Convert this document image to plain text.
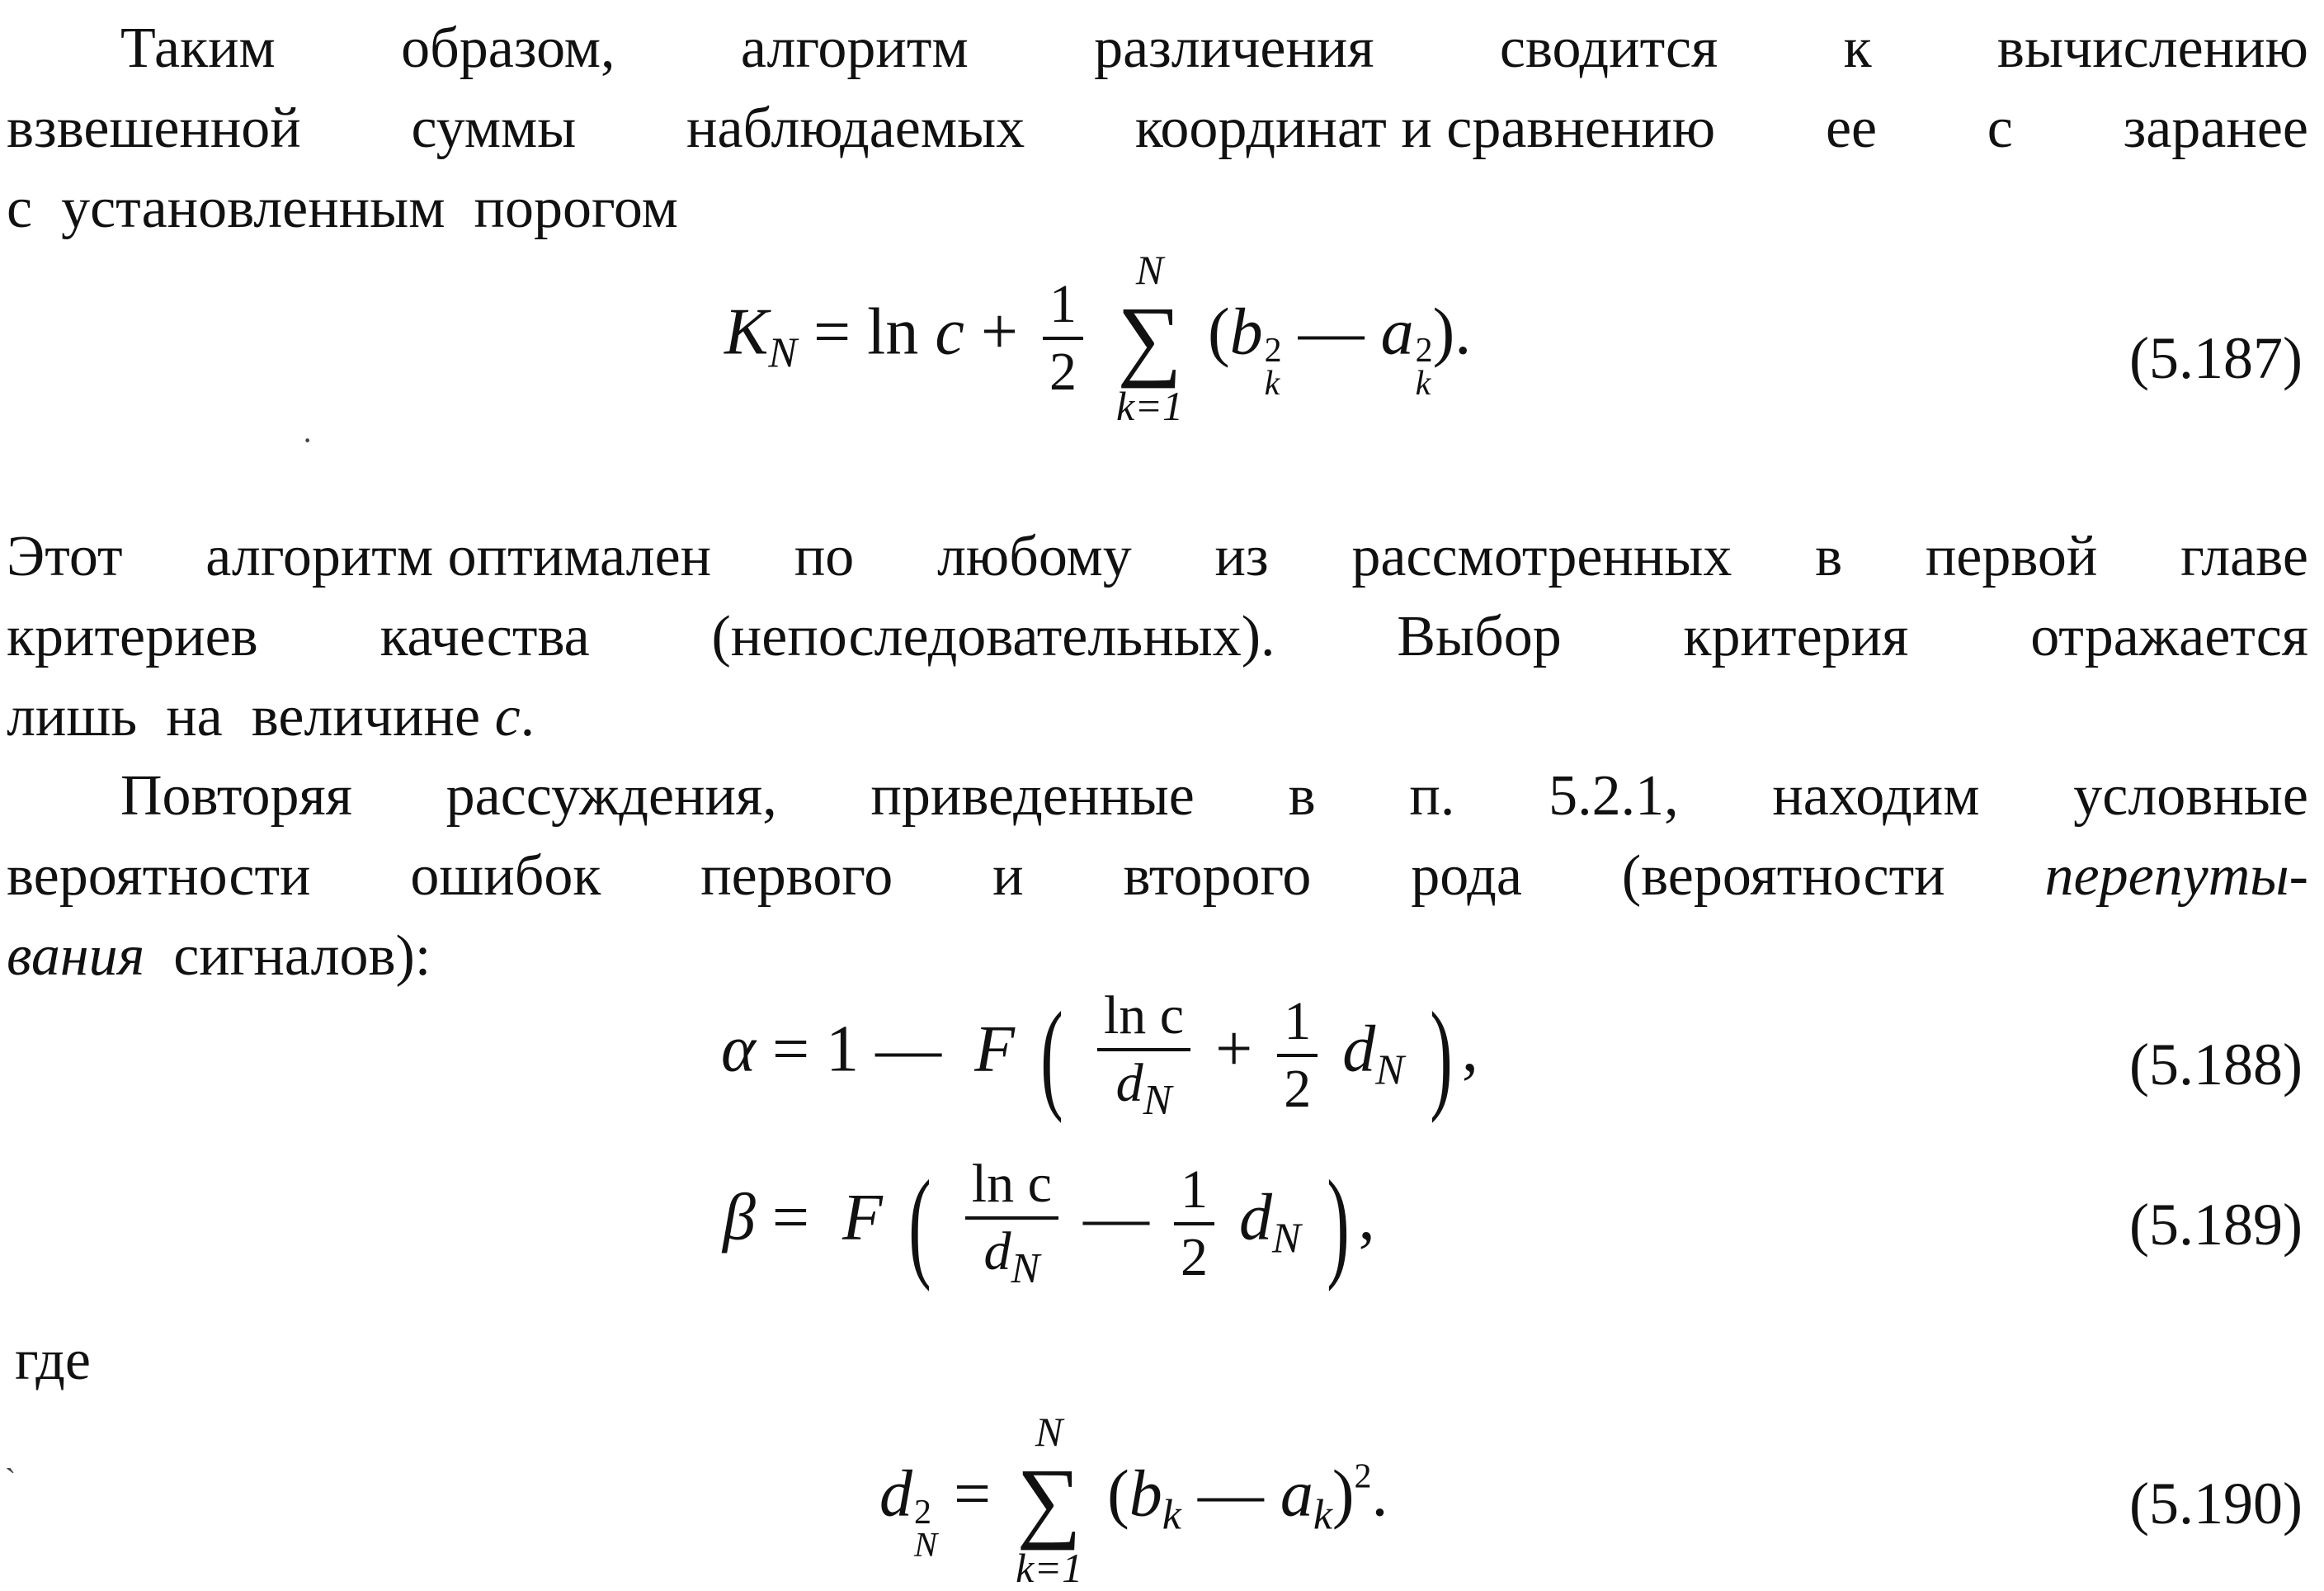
Таким образом, алгоритм различения сводится к вычислению
взвешенной суммы наблюдаемых координат и сравнению ее с заранее
с  установленным  порогом
$K_N = \ln c + \frac{1}{2}$

N
∑
k=1
(b 2
k
— a 2
k
).	(5.187)
·
Этот алгоритм оптимален по любому из рассмотренных в первой главе
критериев качества (непоследовательных). Выбор критерия отражается
лишь  на  величине c.
Повторяя рассуждения, приведенные в п. 5.2.1, находим условные
вероятности ошибок первого и второго рода (вероятности перепуты-
вания  сигналов):
α = 1 —  F ( $\frac{\text{ln c}}{d_N} + \frac{1}{2} d_N$ ) ,	(5.188)
β =  F ( $\frac{\text{ln c}}{d_N}$ — $\frac{1}{2} d_N$ ) ,	(5.189)
где
`	d 2
N
=
N
∑
k=1
($b_k$ — $a_k)^2$.	(5.190)
